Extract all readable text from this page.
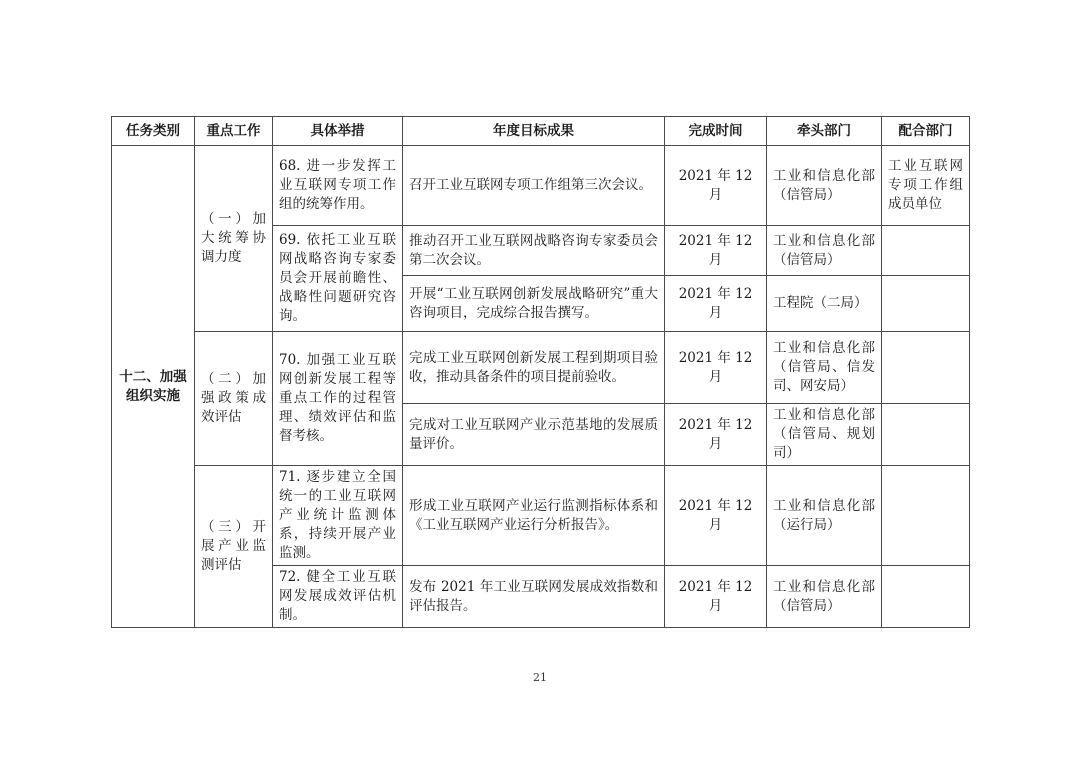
任务类别	重点工作	具体举措	年度目标成果	完成时间	牵头部门	配合部门
十二、加强组织实施	（一）加大统筹协调力度	68. 进一步发挥工业互联网专项工作组的统筹作用。	召开工业互联网专项工作组第三次会议。	2021 年 12 月	工业和信息化部（信管局）	工业互联网专项工作组成员单位
		69. 依托工业互联网战略咨询专家委员会开展前瞻性、战略性问题研究咨询。	推动召开工业互联网战略咨询专家委员会第二次会议。	2021 年 12 月	工业和信息化部（信管局）	
			开展“工业互联网创新发展战略研究”重大咨询项目，完成综合报告撰写。	2021 年 12 月	工程院（二局）	
	（二）加强政策成效评估	70. 加强工业互联网创新发展工程等重点工作的过程管理、绩效评估和监督考核。	完成工业互联网创新发展工程到期项目验收，推动具备条件的项目提前验收。	2021 年 12 月	工业和信息化部（信管局、信发司、网安局）	
			完成对工业互联网产业示范基地的发展质量评价。	2021 年 12 月	工业和信息化部（信管局、规划司）	
	（三）开展产业监测评估	71. 逐步建立全国统一的工业互联网产业统计监测体系，持续开展产业监测。	形成工业互联网产业运行监测指标体系和《工业互联网产业运行分析报告》。	2021 年 12 月	工业和信息化部（运行局）	
		72. 健全工业互联网发展成效评估机制。	发布 2021 年工业互联网发展成效指数和评估报告。	2021 年 12 月	工业和信息化部（信管局）	
21
